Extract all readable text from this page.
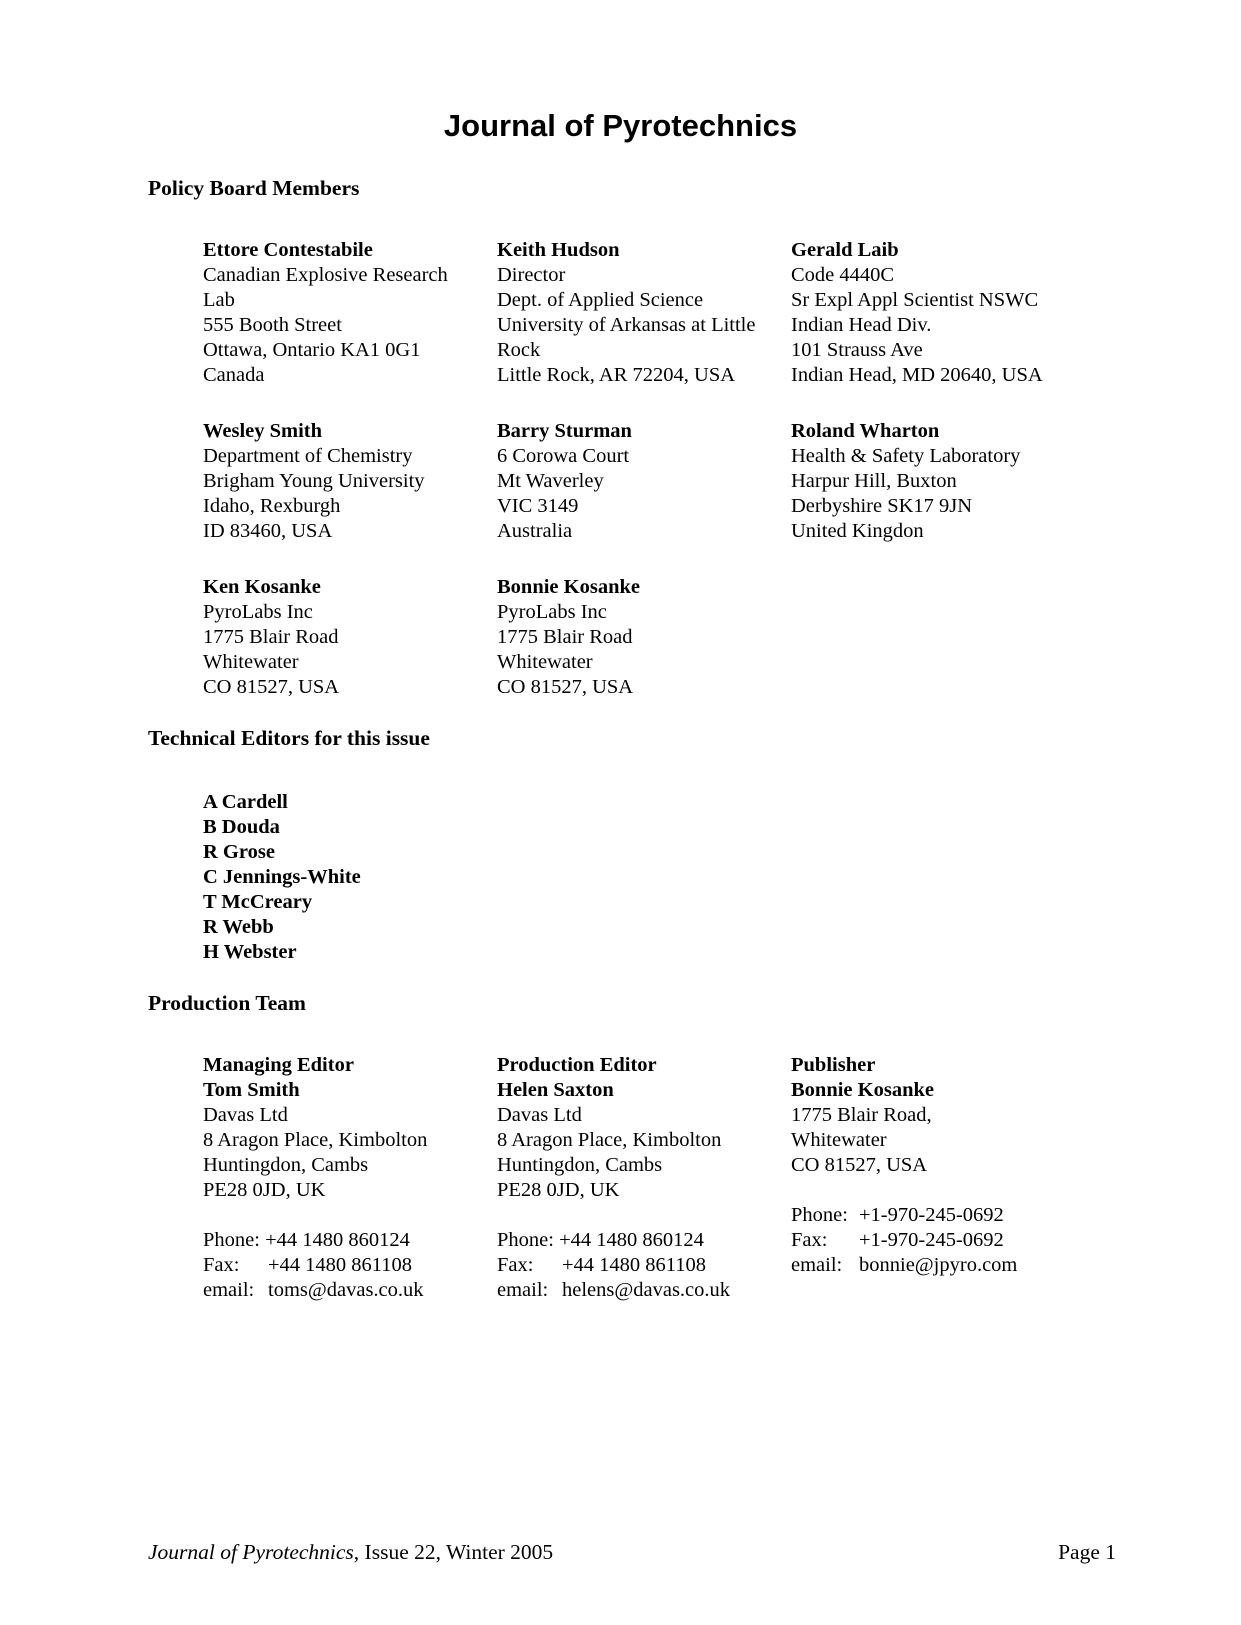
Journal of Pyrotechnics
Policy Board Members
Ettore Contestabile
Canadian Explosive Research
Lab
555 Booth Street
Ottawa, Ontario KA1 0G1
Canada
Keith Hudson
Director
Dept. of Applied Science
University of Arkansas at Little
Rock
Little Rock, AR 72204, USA
Gerald Laib
Code 4440C
Sr Expl Appl Scientist NSWC
Indian Head Div.
101 Strauss Ave
Indian Head, MD 20640, USA
Wesley Smith
Department of Chemistry
Brigham Young University
Idaho, Rexburgh
ID 83460, USA
Barry Sturman
6 Corowa Court
Mt Waverley
VIC 3149
Australia
Roland Wharton
Health & Safety Laboratory
Harpur Hill, Buxton
Derbyshire SK17 9JN
United Kingdon
Ken Kosanke
PyroLabs Inc
1775 Blair Road
Whitewater
CO 81527, USA
Bonnie Kosanke
PyroLabs Inc
1775 Blair Road
Whitewater
CO 81527, USA
Technical Editors for this issue
A Cardell
B Douda
R Grose
C Jennings-White
T McCreary
R Webb
H Webster
Production Team
Managing Editor
Tom Smith
Davas Ltd
8 Aragon Place, Kimbolton
Huntingdon, Cambs
PE28 0JD, UK

Phone: +44 1480 860124
Fax: +44 1480 861108
email: toms@davas.co.uk
Production Editor
Helen Saxton
Davas Ltd
8 Aragon Place, Kimbolton
Huntingdon, Cambs
PE28 0JD, UK

Phone: +44 1480 860124
Fax: +44 1480 861108
email: helens@davas.co.uk
Publisher
Bonnie Kosanke
1775 Blair Road,
Whitewater
CO 81527, USA

Phone: +1-970-245-0692
Fax: +1-970-245-0692
email: bonnie@jpyro.com
Journal of Pyrotechnics, Issue 22, Winter 2005	Page 1
